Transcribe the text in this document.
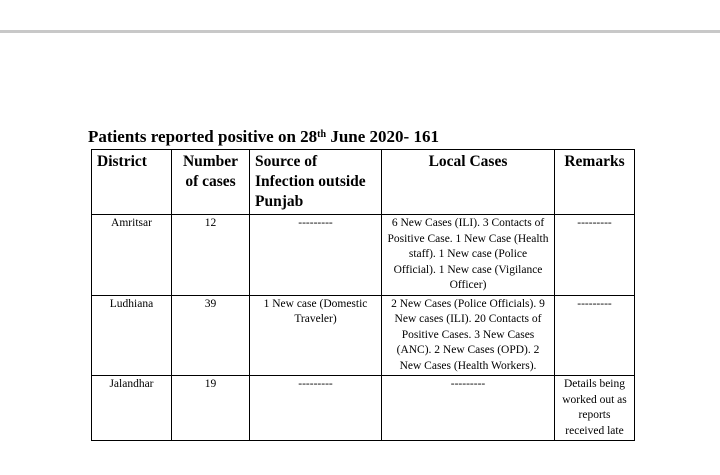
Patients reported positive on 28th June 2020- 161
District	Number of cases	Source of Infection outside Punjab	Local Cases	Remarks
Amritsar	12	---------	6 New Cases (ILI). 3 Contacts of Positive Case. 1 New Case (Health staff). 1 New case (Police Official). 1 New case (Vigilance Officer)	---------
Ludhiana	39	1 New case (Domestic Traveler)	2 New Cases (Police Officials). 9 New cases (ILI). 20 Contacts of Positive Cases. 3 New Cases (ANC). 2 New Cases (OPD). 2 New Cases (Health Workers).	---------
Jalandhar	19	---------	---------	Details being worked out as reports received late
